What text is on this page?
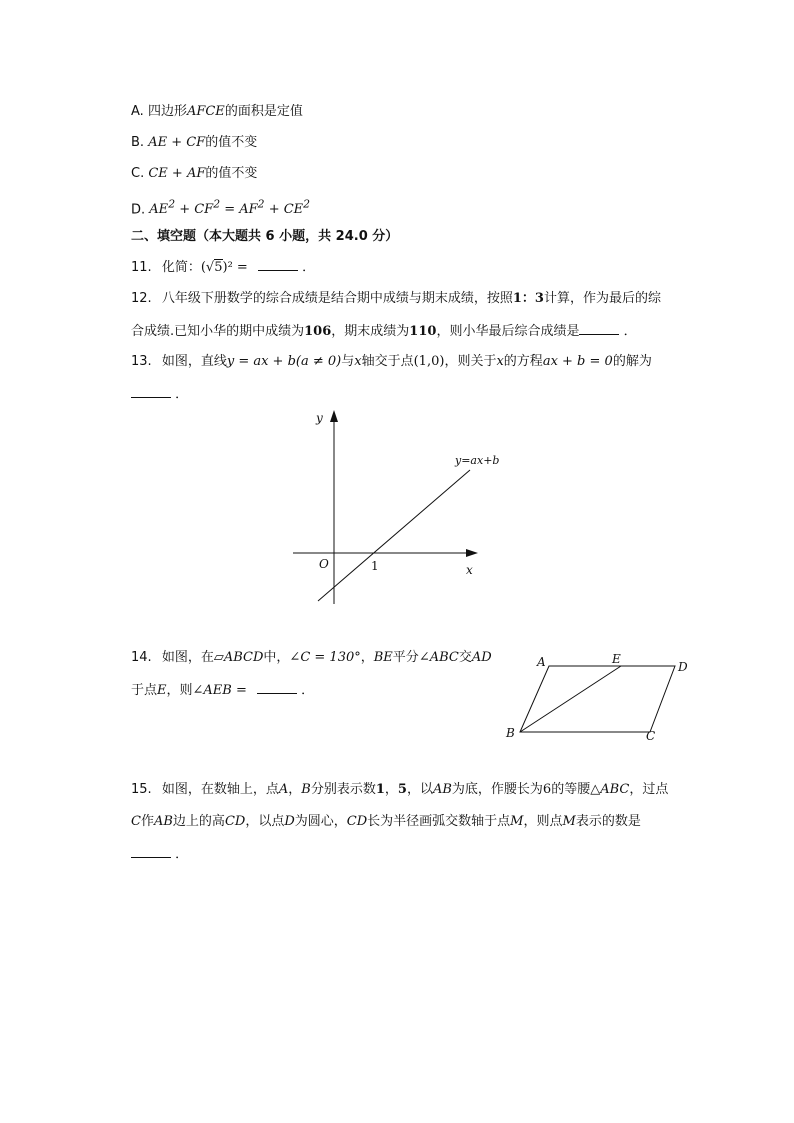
A. 四边形AFCE的面积是定值
B. AE + CF的值不变
C. CE + AF的值不变
D. $AE^2 + CF^2 = AF^2 + CE^2$
二、填空题（本大题共 6 小题，共 24.0 分）
11. 化简：(√5)² =	．
12. 八年级下册数学的综合成绩是结合期中成绩与期末成绩，按照1：3计算，作为最后的综
合成绩.已知小华的期中成绩为106，期末成绩为110，则小华最后综合成绩是	．
13. 如图，直线y = ax + b(a ≠ 0)与x轴交于点(1,0)，则关于x的方程ax + b = 0的解为
．
y
x
O	1
y=ax+b
14. 如图，在▱ABCD中，∠C = 130°，BE平分∠ABC交AD
于点E，则∠AEB =	．
A	E
D
B	C
15. 如图，在数轴上，点A，B分别表示数1，5，以AB为底，作腰长为6的等腰△ABC，过点
C作AB边上的高CD，以点D为圆心，CD长为半径画弧交数轴于点M，则点M表示的数是
．
